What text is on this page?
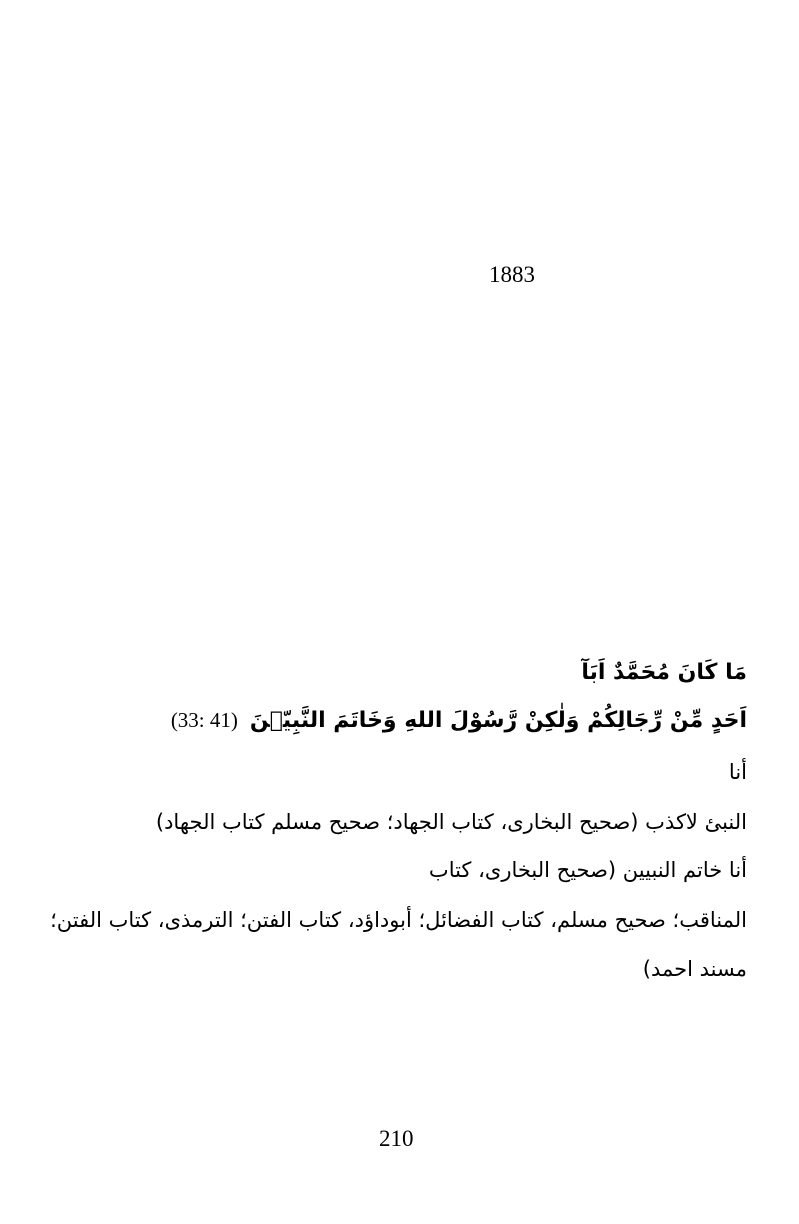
1883
مَا كَانَ مُحَمَّدٌ اَبَآ
اَحَدٍ مِّنْ رِّجَالِكُمْ وَلٰكِنْ رَّسُوْلَ اللهِ وَخَاتَمَ النَّبِيّٖنَ(33: 41)
أنا
النبئ لاكذب (صحيح البخارى، كتاب الجهاد؛ صحيح مسلم كتاب الجهاد)
أنا خاتم النبيين (صحيح البخارى، كتاب
المناقب؛ صحيح مسلم، كتاب الفضائل؛ أبوداؤد، كتاب الفتن؛ الترمذى، كتاب الفتن؛
مسند احمد)
210
